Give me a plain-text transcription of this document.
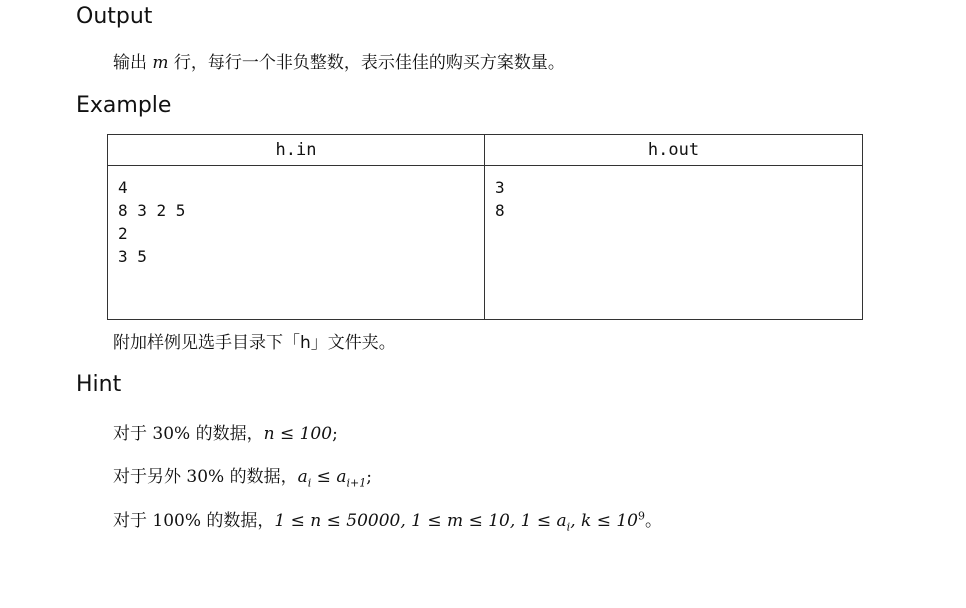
Output

输出 m 行，每行一个非负整数，表示佳佳的购买方案数量。

Example
h.in	h.out
4
8 3 2 5
2
3 5
3
8

附加样例见选手目录下「h」文件夹。

Hint

对于 30% 的数据，n ≤ 100;

对于另外 30% 的数据，$a_i \le a_{i+1}$;

对于 100% 的数据，1 ≤ n ≤ 50000, 1 ≤ m ≤ 10, $1 \le a_i$, $k \le 10^9$。
